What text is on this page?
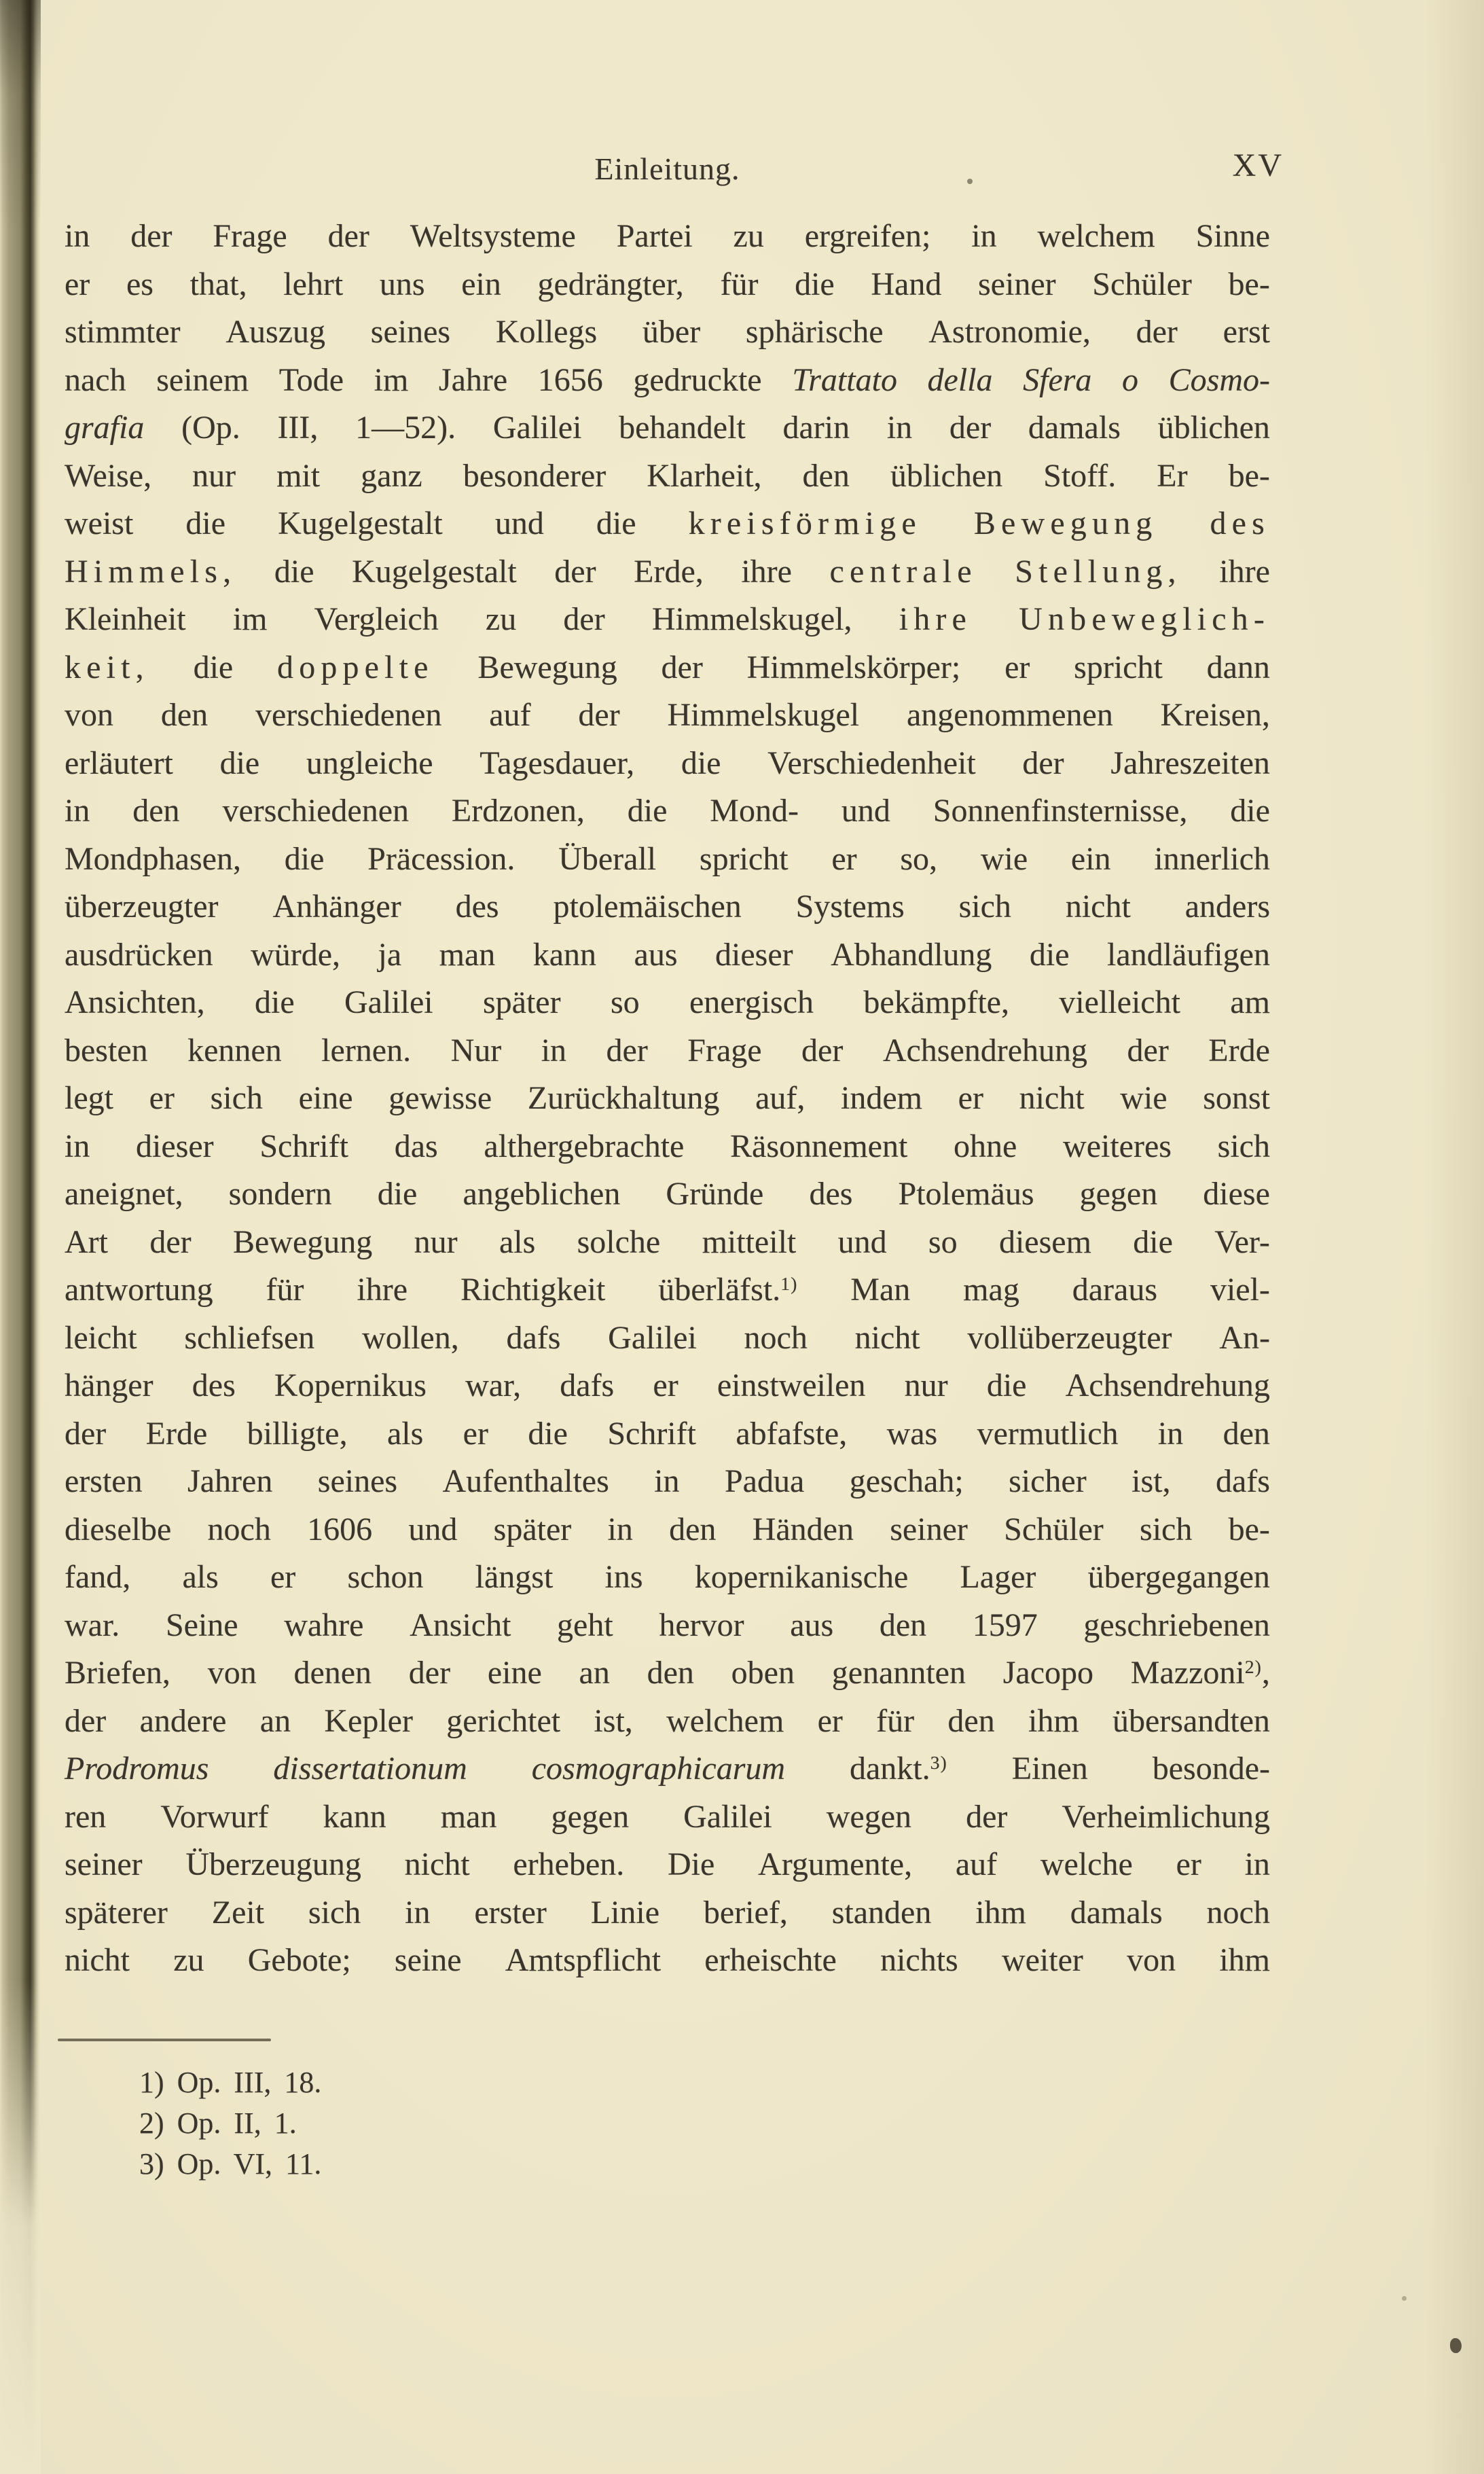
Einleitung.	XV
in der Frage der Weltsysteme Partei zu ergreifen; in welchem Sinne
er es that, lehrt uns ein gedrängter, für die Hand seiner Schüler be-
stimmter Auszug seines Kollegs über sphärische Astronomie, der erst
nach seinem Tode im Jahre 1656 gedruckte Trattato della Sfera o Cosmo-
grafia (Op. III, 1—52). Galilei behandelt darin in der damals üblichen
Weise, nur mit ganz besonderer Klarheit, den üblichen Stoff. Er be-
weist die Kugelgestalt und die kreisförmige Bewegung des
Himmels, die Kugelgestalt der Erde, ihre centrale Stellung, ihre
Kleinheit im Vergleich zu der Himmelskugel, ihre Unbeweglich-
keit, die doppelte Bewegung der Himmelskörper; er spricht dann
von den verschiedenen auf der Himmelskugel angenommenen Kreisen,
erläutert die ungleiche Tagesdauer, die Verschiedenheit der Jahreszeiten
in den verschiedenen Erdzonen, die Mond- und Sonnenfinsternisse, die
Mondphasen, die Präcession. Überall spricht er so, wie ein innerlich
überzeugter Anhänger des ptolemäischen Systems sich nicht anders
ausdrücken würde, ja man kann aus dieser Abhandlung die landläufigen
Ansichten, die Galilei später so energisch bekämpfte, vielleicht am
besten kennen lernen. Nur in der Frage der Achsendrehung der Erde
legt er sich eine gewisse Zurückhaltung auf, indem er nicht wie sonst
in dieser Schrift das althergebrachte Räsonnement ohne weiteres sich
aneignet, sondern die angeblichen Gründe des Ptolemäus gegen diese
Art der Bewegung nur als solche mitteilt und so diesem die Ver-
antwortung für ihre Richtigkeit überläfst.$^{1)}$ Man mag daraus viel-
leicht schliefsen wollen, dafs Galilei noch nicht vollüberzeugter An-
hänger des Kopernikus war, dafs er einstweilen nur die Achsendrehung
der Erde billigte, als er die Schrift abfafste, was vermutlich in den
ersten Jahren seines Aufenthaltes in Padua geschah; sicher ist, dafs
dieselbe noch 1606 und später in den Händen seiner Schüler sich be-
fand, als er schon längst ins kopernikanische Lager übergegangen
war. Seine wahre Ansicht geht hervor aus den 1597 geschriebenen
Briefen, von denen der eine an den oben genannten Jacopo Mazzoni$^{2)}$,
der andere an Kepler gerichtet ist, welchem er für den ihm übersandten
Prodromus dissertationum cosmographicarum dankt.$^{3)}$ Einen besonde-
ren Vorwurf kann man gegen Galilei wegen der Verheimlichung
seiner Überzeugung nicht erheben. Die Argumente, auf welche er in
späterer Zeit sich in erster Linie berief, standen ihm damals noch
nicht zu Gebote; seine Amtspflicht erheischte nichts weiter von ihm
1) Op. III, 18.
2) Op. II, 1.
3) Op. VI, 11.
